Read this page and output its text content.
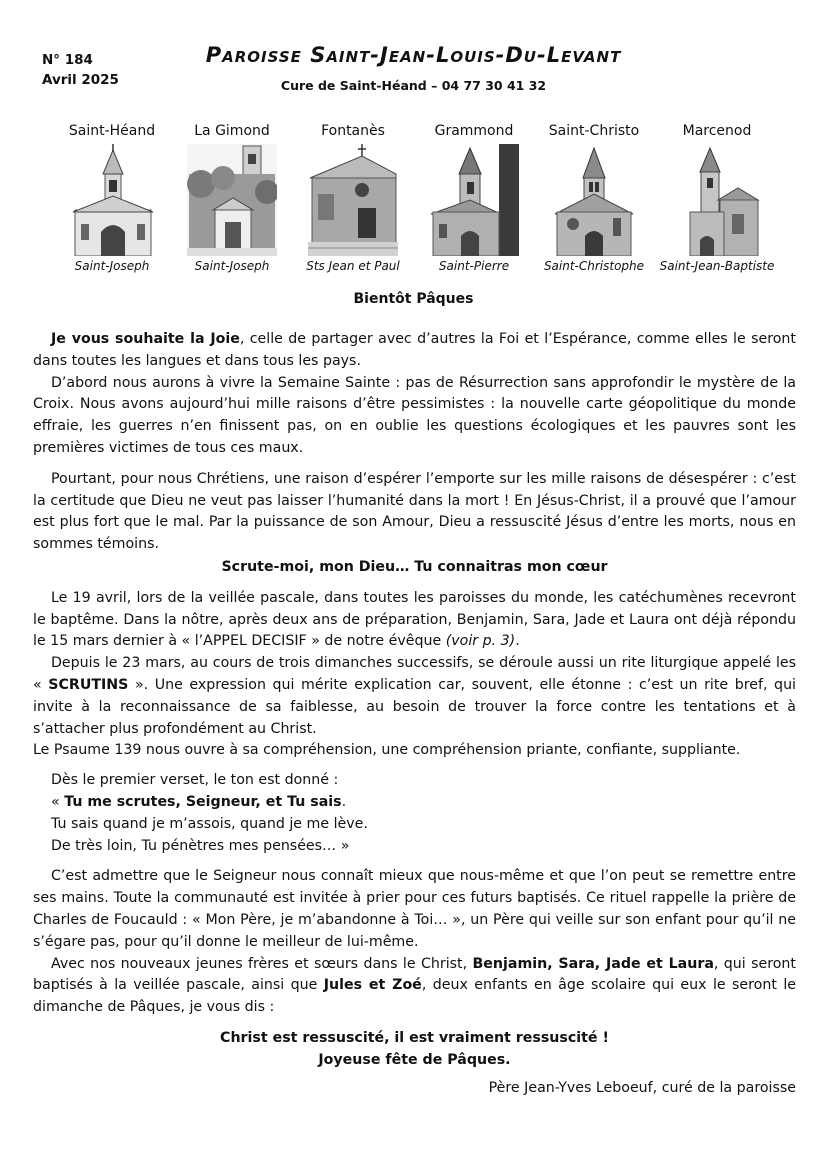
N° 184
Avril 2025
Paroisse Saint-Jean-Louis-Du-Levant
Cure de Saint-Héand – 04 77 30 41 32
Saint-Héand
Saint-Joseph
La Gimond
Saint-Joseph
Fontanès
Sts Jean et Paul
Grammond
Saint-Pierre
Saint-Christo
Saint-Christophe
Marcenod
Saint-Jean-Baptiste
Bientôt Pâques

Je vous souhaite la Joie, celle de partager avec d’autres la Foi et l’Espérance, comme elles le seront dans toutes les langues et dans tous les pays.

D’abord nous aurons à vivre la Semaine Sainte : pas de Résurrection sans approfondir le mystère de la Croix. Nous avons aujourd’hui mille raisons d’être pessimistes : la nouvelle carte géopolitique du monde effraie, les guerres n’en finissent pas, on en oublie les questions écologiques et les pauvres sont les premières victimes de tous ces maux.

Pourtant, pour nous Chrétiens, une raison d’espérer l’emporte sur les mille raisons de désespérer : c’est la certitude que Dieu ne veut pas laisser l’humanité dans la mort ! En Jésus-Christ, il a prouvé que l’amour est plus fort que le mal. Par la puissance de son Amour, Dieu a ressuscité Jésus d’entre les morts, nous en sommes témoins.

Scrute-moi, mon Dieu… Tu connaitras mon cœur

Le 19 avril, lors de la veillée pascale, dans toutes les paroisses du monde, les catéchumènes recevront le baptême. Dans la nôtre, après deux ans de préparation, Benjamin, Sara, Jade et Laura ont déjà répondu le 15 mars dernier à « l’APPEL DECISIF » de notre évêque (voir p. 3).

Depuis le 23 mars, au cours de trois dimanches successifs, se déroule aussi un rite liturgique appelé les « SCRUTINS ». Une expression qui mérite explication car, souvent, elle étonne : c’est un rite bref, qui invite à la reconnaissance de sa faiblesse, au besoin de trouver la force contre les tentations et à s’attacher plus profondément au Christ.

Le Psaume 139 nous ouvre à sa compréhension, une compréhension priante, confiante, suppliante.

Dès le premier verset, le ton est donné :
« Tu me scrutes, Seigneur, et Tu sais.
Tu sais quand je m’assois, quand je me lève.
De très loin, Tu pénètres mes pensées… »

C’est admettre que le Seigneur nous connaît mieux que nous-même et que l’on peut se remettre entre ses mains. Toute la communauté est invitée à prier pour ces futurs baptisés. Ce rituel rappelle la prière de Charles de Foucauld : « Mon Père, je m’abandonne à Toi… », un Père qui veille sur son enfant pour qu’il ne s’égare pas, pour qu’il donne le meilleur de lui-même.

Avec nos nouveaux jeunes frères et sœurs dans le Christ, Benjamin, Sara, Jade et Laura, qui seront baptisés à la veillée pascale, ainsi que Jules et Zoé, deux enfants en âge scolaire qui eux le seront le dimanche de Pâques, je vous dis :

Christ est ressuscité, il est vraiment ressuscité !

Joyeuse fête de Pâques.

Père Jean-Yves Leboeuf, curé de la paroisse
